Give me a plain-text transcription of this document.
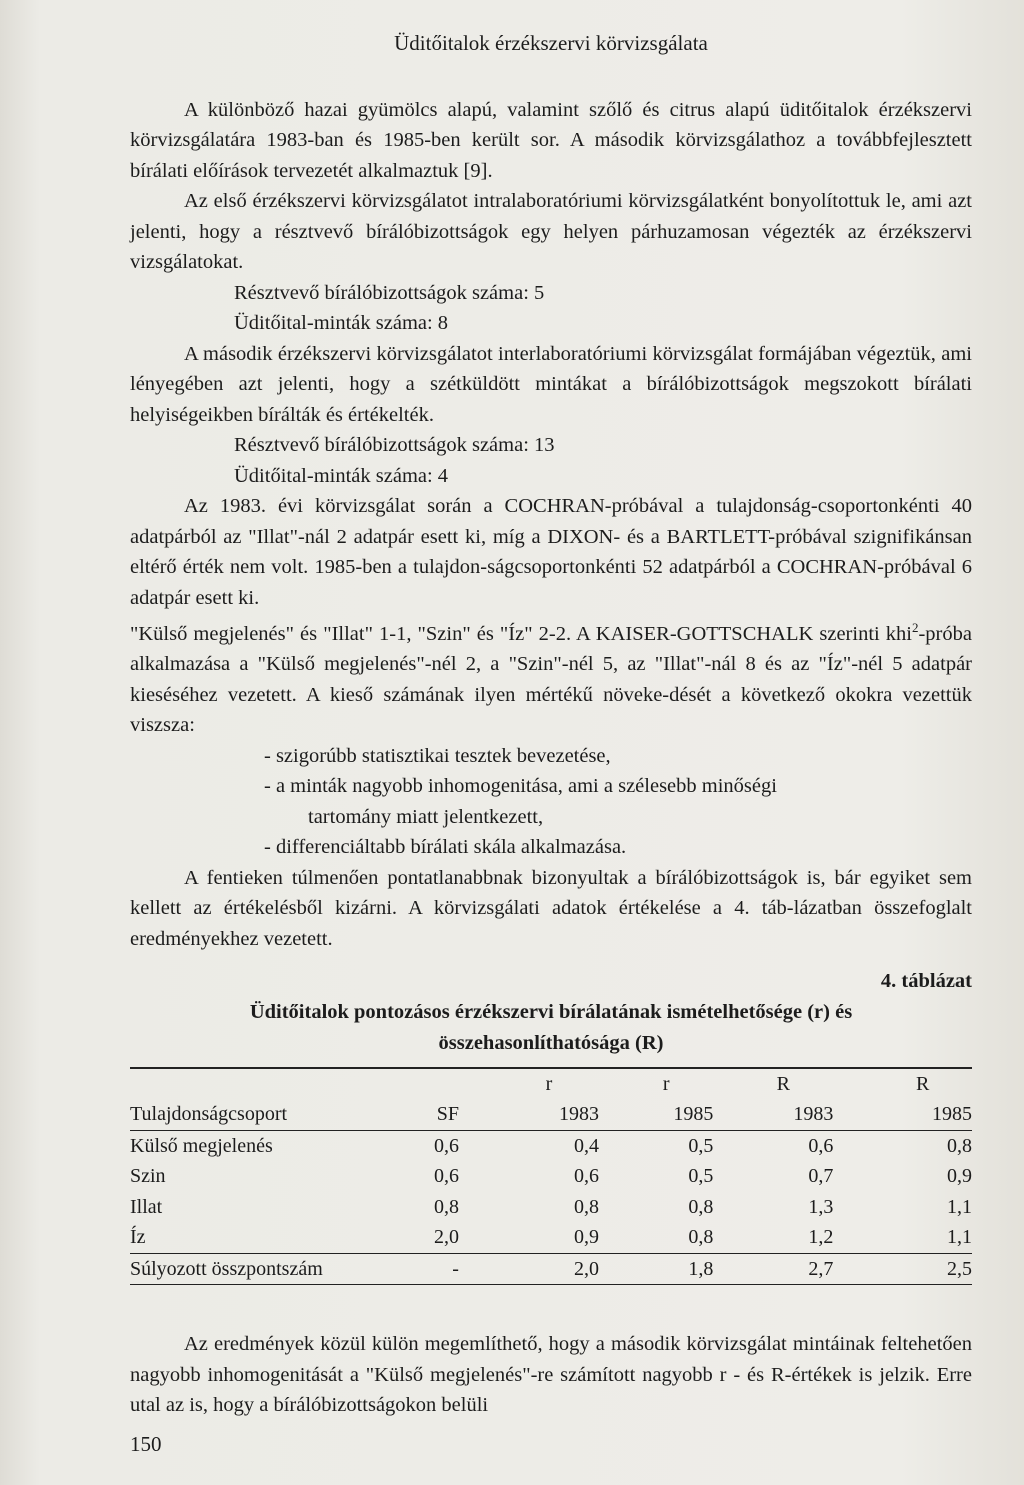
Üditőitalok érzékszervi körvizsgálata

A különböző hazai gyümölcs alapú, valamint szőlő és citrus alapú üditőitalok érzékszervi körvizsgálatára 1983-ban és 1985-ben került sor. A második körvizsgálathoz a továbbfejlesztett bírálati előírások tervezetét alkalmaztuk [9].

Az első érzékszervi körvizsgálatot intralaboratóriumi körvizsgálatként bonyolítottuk le, ami azt jelenti, hogy a résztvevő bírálóbizottságok egy helyen párhuzamosan végezték az érzékszervi vizsgálatokat.

Résztvevő bírálóbizottságok száma: 5

Üditőital-minták száma: 8

A második érzékszervi körvizsgálatot interlaboratóriumi körvizsgálat formájában végeztük, ami lényegében azt jelenti, hogy a szétküldött mintákat a bírálóbizottságok megszokott bírálati helyiségeikben bírálták és értékelték.

Résztvevő bírálóbizottságok száma: 13

Üditőital-minták száma: 4

Az 1983. évi körvizsgálat során a COCHRAN-próbával a tulajdonság-csoportonkénti 40 adatpárból az "Illat"-nál 2 adatpár esett ki, míg a DIXON- és a BARTLETT-próbával szignifikánsan eltérő érték nem volt. 1985-ben a tulajdon-ságcsoportonkénti 52 adatpárból a COCHRAN-próbával 6 adatpár esett ki.

"Külső megjelenés" és "Illat" 1-1, "Szin" és "Íz" 2-2. A KAISER-GOTTSCHALK szerinti khi$^2$-próba alkalmazása a "Külső megjelenés"-nél 2, a "Szin"-nél 5, az "Illat"-nál 8 és az "Íz"-nél 5 adatpár kieséséhez vezetett. A kieső számának ilyen mértékű növeke-dését a következő okokra vezettük viszsza:

- szigorúbb statisztikai tesztek bevezetése,

- a minták nagyobb inhomogenitása, ami a szélesebb minőségi

tartomány miatt jelentkezett,

- differenciáltabb bírálati skála alkalmazása.

A fentieken túlmenően pontatlanabbnak bizonyultak a bírálóbizottságok is, bár egyiket sem kellett az értékelésből kizárni. A körvizsgálati adatok értékelése a 4. táb-lázatban összefoglalt eredményekhez vezetett.

4. táblázat
Üditőitalok pontozásos érzékszervi bírálatának ismételhetősége (r) és
összehasonlíthatósága (R)
		r	r	R	R
Tulajdonságcsoport	SF	1983	1985	1983	1985
Külső megjelenés	0,6	0,4	0,5	0,6	0,8
Szin	0,6	0,6	0,5	0,7	0,9
Illat	0,8	0,8	0,8	1,3	1,1
Íz	2,0	0,9	0,8	1,2	1,1
Súlyozott összpontszám	-	2,0	1,8	2,7	2,5

Az eredmények közül külön megemlíthető, hogy a második körvizsgálat mintáinak feltehetően nagyobb inhomogenitását a "Külső megjelenés"-re számított nagyobb r - és R-értékek is jelzik. Erre utal az is, hogy a bírálóbizottságokon belüli

150
